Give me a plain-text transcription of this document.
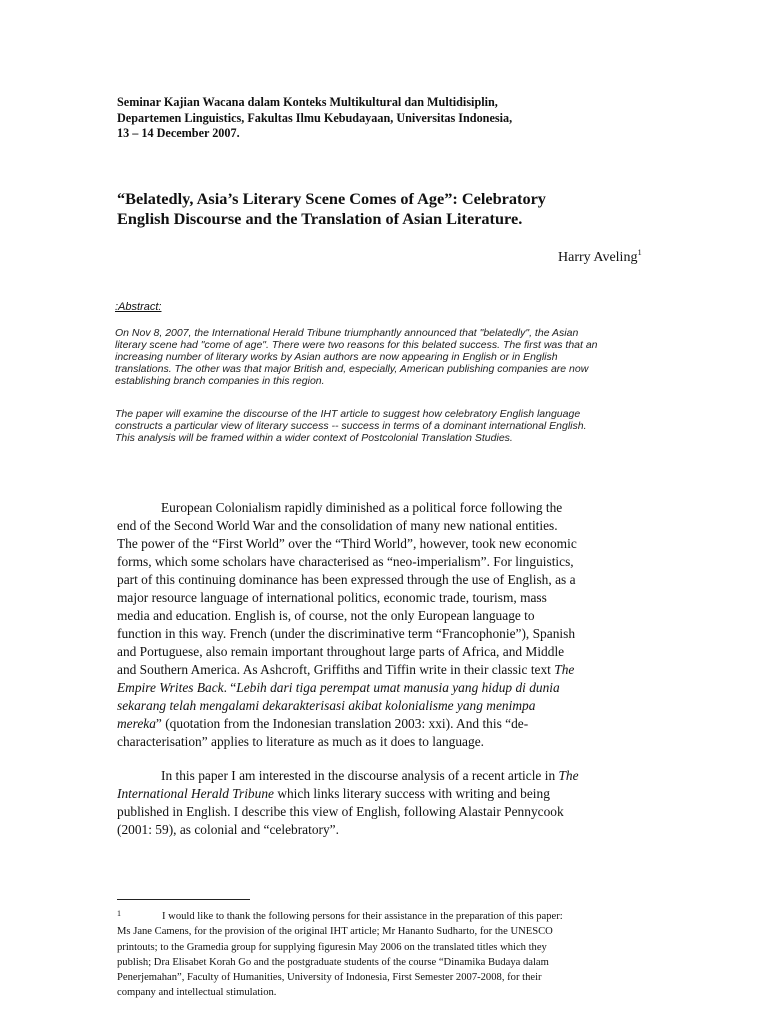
Seminar Kajian Wacana dalam Konteks Multikultural dan Multidisiplin,
Departemen Linguistics, Fakultas Ilmu Kebudayaan, Universitas Indonesia,
13 – 14 December 2007.
“Belatedly, Asia’s Literary Scene Comes of Age”: Celebratory
English Discourse and the Translation of Asian Literature.
Harry Aveling$^1$
:Abstract:
On Nov 8, 2007, the International Herald Tribune triumphantly announced that "belatedly", the Asian
literary scene had "come of age". There were two reasons for this belated success. The first was that an
increasing number of literary works by Asian authors are now appearing in English or in English
translations. The other was that major British and, especially, American publishing companies are now
establishing branch companies in this region.
The paper will examine the discourse of the IHT article to suggest how celebratory English language
constructs a particular view of literary success -- success in terms of a dominant international English.
This analysis will be framed within a wider context of Postcolonial Translation Studies.
European Colonialism rapidly diminished as a political force following the
end of the Second World War and the consolidation of many new national entities.
The power of the “First World” over the “Third World”, however, took new economic
forms, which some scholars have characterised as “neo-imperialism”. For linguistics,
part of this continuing dominance has been expressed through the use of English, as a
major resource language of international politics, economic trade, tourism, mass
media and education. English is, of course, not the only European language to
function in this way. French (under the discriminative term “Francophonie”), Spanish
and Portuguese, also remain important throughout large parts of Africa, and Middle
and Southern America. As Ashcroft, Griffiths and Tiffin write in their classic text The
Empire Writes Back. “Lebih dari tiga perempat umat manusia yang hidup di dunia
sekarang telah mengalami dekarakterisasi akibat kolonialisme yang menimpa
mereka” (quotation from the Indonesian translation 2003: xxi). And this “de-
characterisation” applies to literature as much as it does to language.
In this paper I am interested in the discourse analysis of a recent article in The
International Herald Tribune which links literary success with writing and being
published in English. I describe this view of English, following Alastair Pennycook
(2001: 59), as colonial and “celebratory”.
1	I would like to thank the following persons for their assistance in the preparation of this paper:
Ms Jane Camens, for the provision of the original IHT article; Mr Hananto Sudharto, for the UNESCO
printouts; to the Gramedia group for supplying figuresin May 2006 on the translated titles which they
publish; Dra Elisabet Korah Go and the postgraduate students of the course “Dinamika Budaya dalam
Penerjemahan”, Faculty of Humanities, University of Indonesia, First Semester 2007-2008, for their
company and intellectual stimulation.
